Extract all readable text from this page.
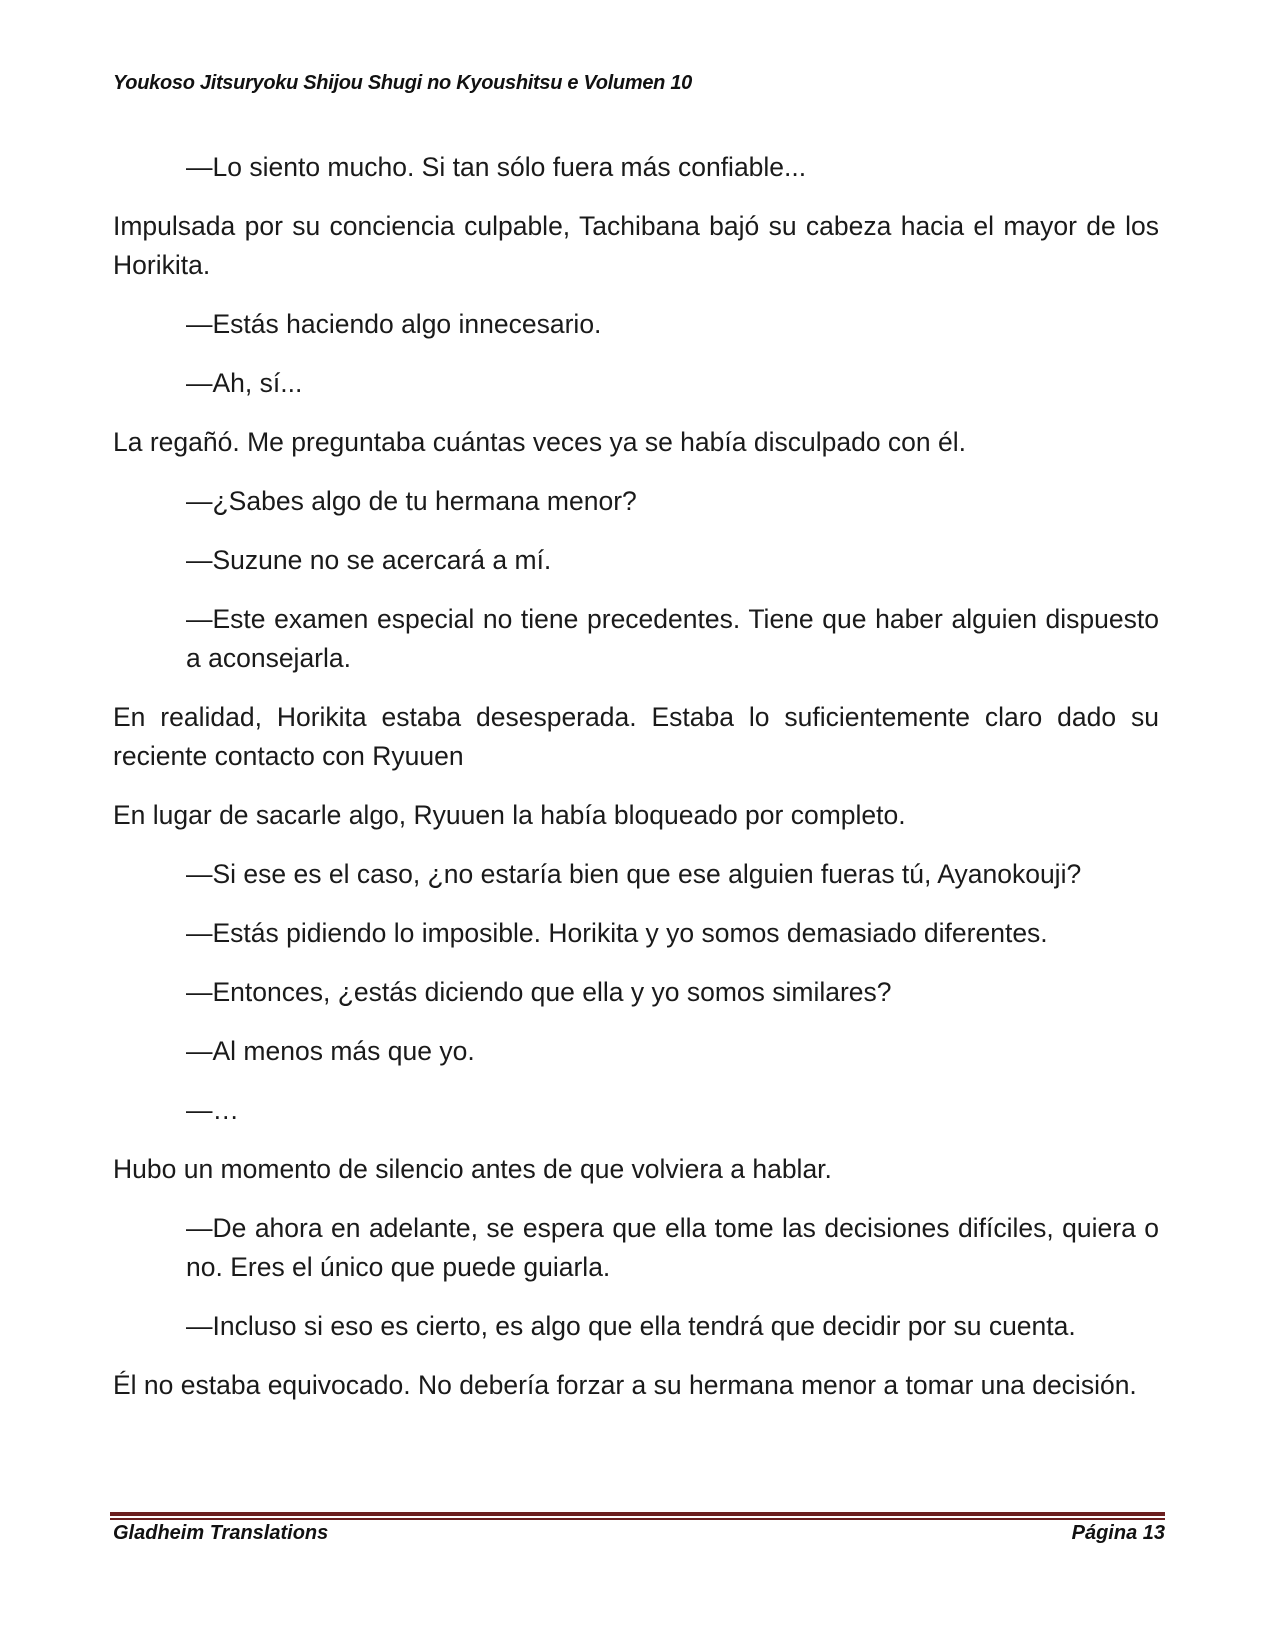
Youkoso Jitsuryoku Shijou Shugi no Kyoushitsu e Volumen 10

—Lo siento mucho. Si tan sólo fuera más confiable...

Impulsada por su conciencia culpable, Tachibana bajó su cabeza hacia el mayor de los Horikita.

—Estás haciendo algo innecesario.

—Ah, sí...

La regañó. Me preguntaba cuántas veces ya se había disculpado con él.

—¿Sabes algo de tu hermana menor?

—Suzune no se acercará a mí.

—Este examen especial no tiene precedentes. Tiene que haber alguien dispuesto a aconsejarla.

En realidad, Horikita estaba desesperada. Estaba lo suficientemente claro dado su reciente contacto con Ryuuen

En lugar de sacarle algo, Ryuuen la había bloqueado por completo.

—Si ese es el caso, ¿no estaría bien que ese alguien fueras tú, Ayanokouji?

—Estás pidiendo lo imposible. Horikita y yo somos demasiado diferentes.

—Entonces, ¿estás diciendo que ella y yo somos similares?

—Al menos más que yo.

—…

Hubo un momento de silencio antes de que volviera a hablar.

—De ahora en adelante, se espera que ella tome las decisiones difíciles, quiera o no. Eres el único que puede guiarla.

—Incluso si eso es cierto, es algo que ella tendrá que decidir por su cuenta.

Él no estaba equivocado. No debería forzar a su hermana menor a tomar una decisión.

Gladheim Translations	Página 13
